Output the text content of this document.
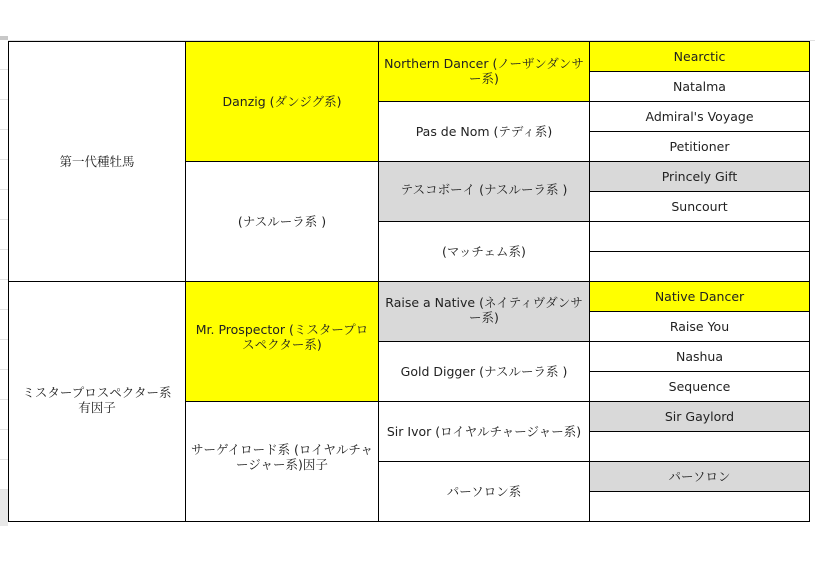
第一代種牡馬
ミスタープロスペクター系
有因子
Danzig (ダンジグ系)
(ナスルーラ系 )
Mr. Prospector (ミスタープロスペクター系)
サーゲイロード系 (ロイヤルチャージャー系)因子
Northern Dancer (ノーザンダンサー系)
Pas de Nom (テディ系)
テスコボーイ (ナスルーラ系 )
(マッチェム系)
Raise a Native (ネイティヴダンサー系)
Gold Digger (ナスルーラ系 )
Sir Ivor (ロイヤルチャージャー系)
パーソロン系
Nearctic
Natalma
Admiral's Voyage
Petitioner
Princely Gift
Suncourt
Native Dancer
Raise You
Nashua
Sequence
Sir Gaylord
パーソロン
